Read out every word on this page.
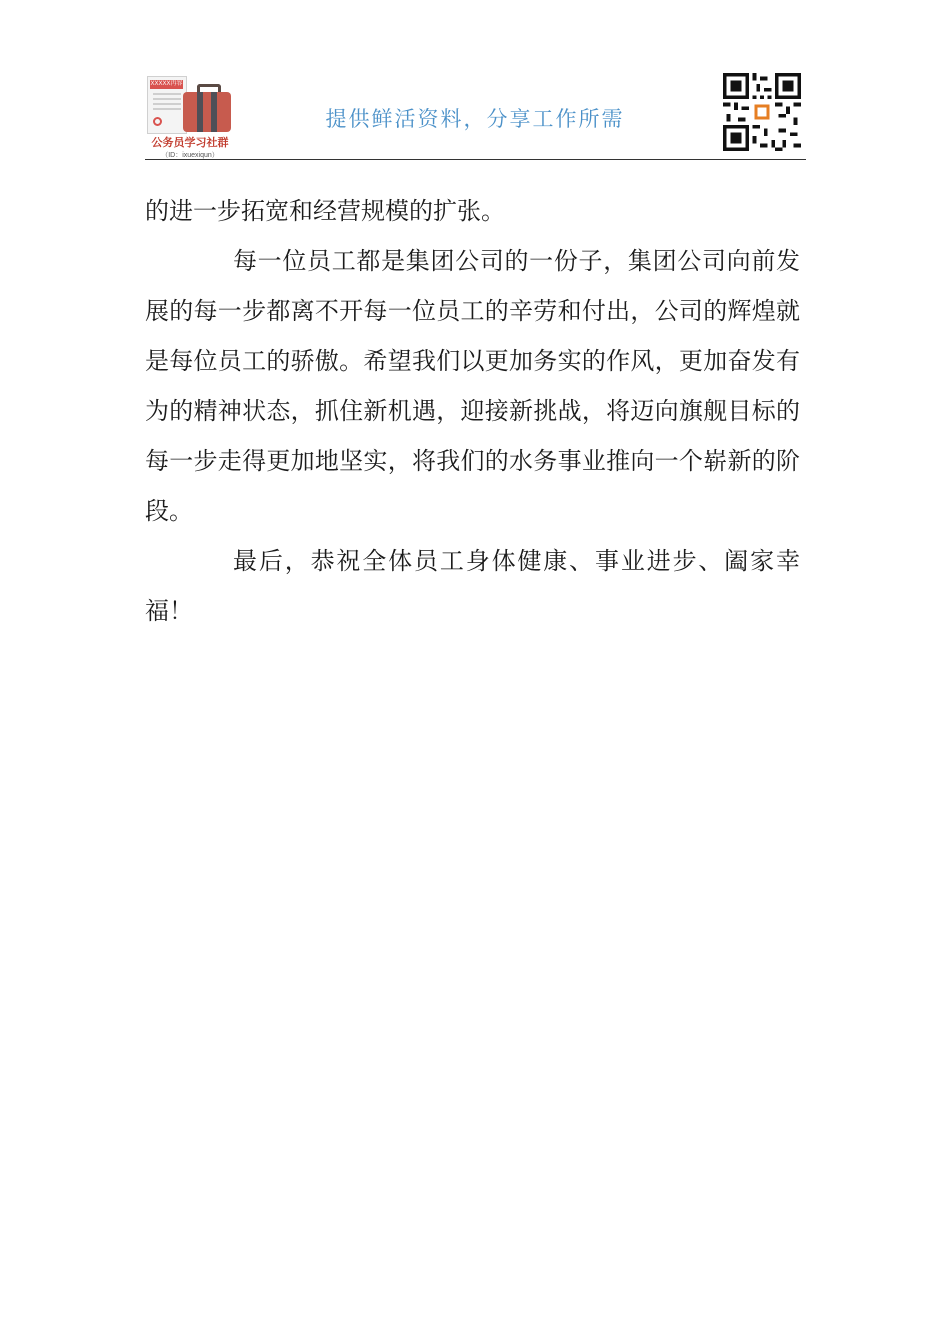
XXXXX冉容
公务员学习社群
（ID：ixuexiqun）
提供鲜活资料，分享工作所需

的进一步拓宽和经营规模的扩张。

每一位员工都是集团公司的一份子，集团公司向前发展的每一步都离不开每一位员工的辛劳和付出，公司的辉煌就是每位员工的骄傲。希望我们以更加务实的作风，更加奋发有为的精神状态，抓住新机遇，迎接新挑战，将迈向旗舰目标的每一步走得更加地坚实，将我们的水务事业推向一个崭新的阶段。

最后，恭祝全体员工身体健康、事业进步、阖家幸福！
